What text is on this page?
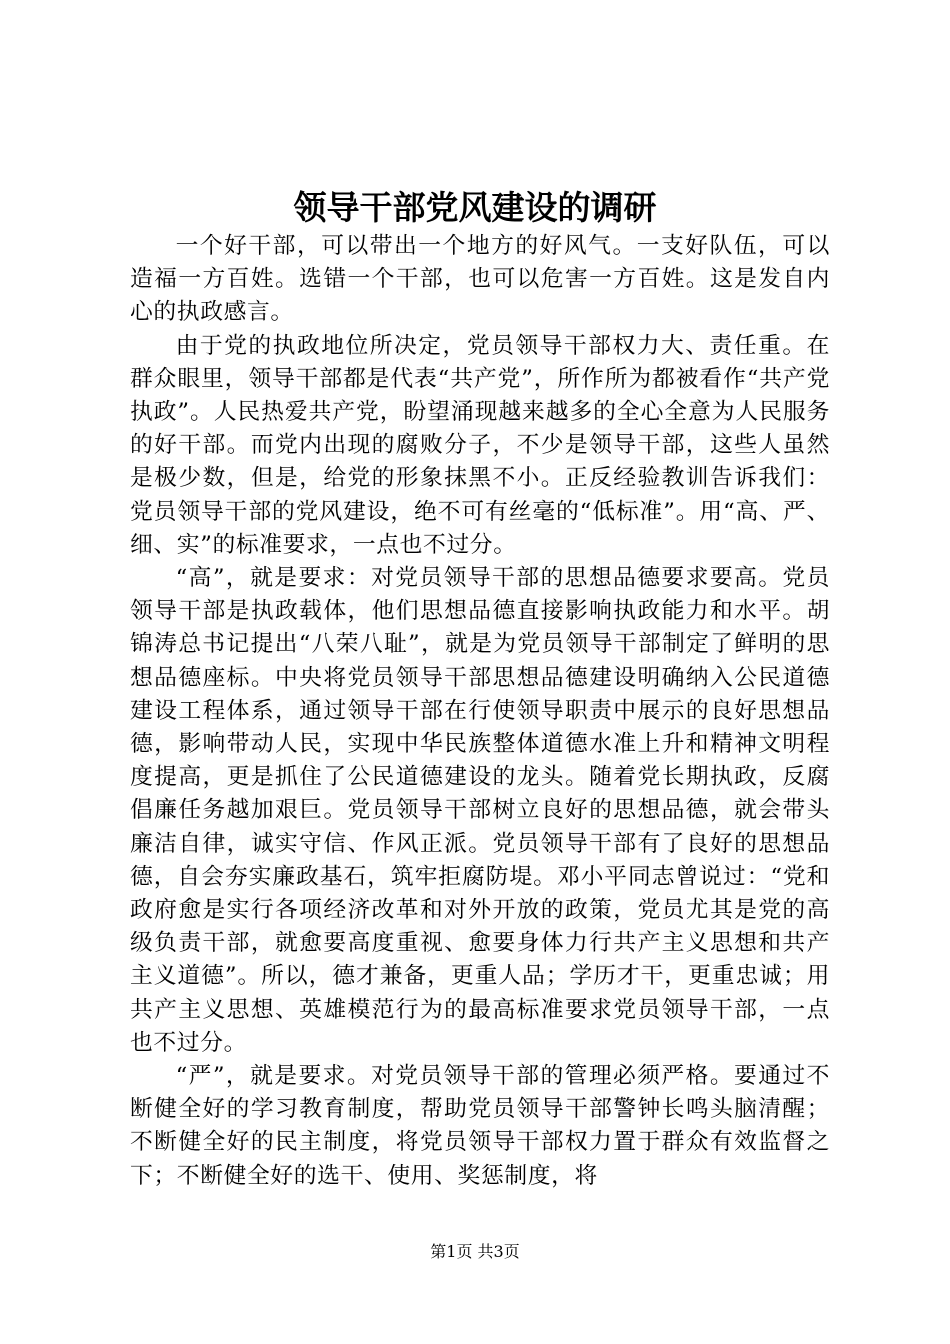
领导干部党风建设的调研

一个好干部，可以带出一个地方的好风气。一支好队伍，可以造福一方百姓。选错一个干部，也可以危害一方百姓。这是发自内心的执政感言。

由于党的执政地位所决定，党员领导干部权力大、责任重。在群众眼里，领导干部都是代表“共产党”，所作所为都被看作“共产党执政”。人民热爱共产党，盼望涌现越来越多的全心全意为人民服务的好干部。而党内出现的腐败分子，不少是领导干部，这些人虽然是极少数，但是，给党的形象抹黑不小。正反经验教训告诉我们：党员领导干部的党风建设，绝不可有丝毫的“低标准”。用“高、严、细、实”的标准要求，一点也不过分。

“高”，就是要求：对党员领导干部的思想品德要求要高。党员领导干部是执政载体，他们思想品德直接影响执政能力和水平。胡锦涛总书记提出“八荣八耻”，就是为党员领导干部制定了鲜明的思想品德座标。中央将党员领导干部思想品德建设明确纳入公民道德建设工程体系，通过领导干部在行使领导职责中展示的良好思想品德，影响带动人民，实现中华民族整体道德水准上升和精神文明程度提高，更是抓住了公民道德建设的龙头。随着党长期执政，反腐倡廉任务越加艰巨。党员领导干部树立良好的思想品德，就会带头廉洁自律，诚实守信、作风正派。党员领导干部有了良好的思想品德，自会夯实廉政基石，筑牢拒腐防堤。邓小平同志曾说过：“党和政府愈是实行各项经济改革和对外开放的政策，党员尤其是党的高级负责干部，就愈要高度重视、愈要身体力行共产主义思想和共产主义道德”。所以，德才兼备，更重人品；学历才干，更重忠诚；用共产主义思想、英雄模范行为的最高标准要求党员领导干部，一点也不过分。

“严”，就是要求。对党员领导干部的管理必须严格。要通过不断健全好的学习教育制度，帮助党员领导干部警钟长鸣头脑清醒；不断健全好的民主制度，将党员领导干部权力置于群众有效监督之下；不断健全好的选干、使用、奖惩制度，将

第1页 共3页
